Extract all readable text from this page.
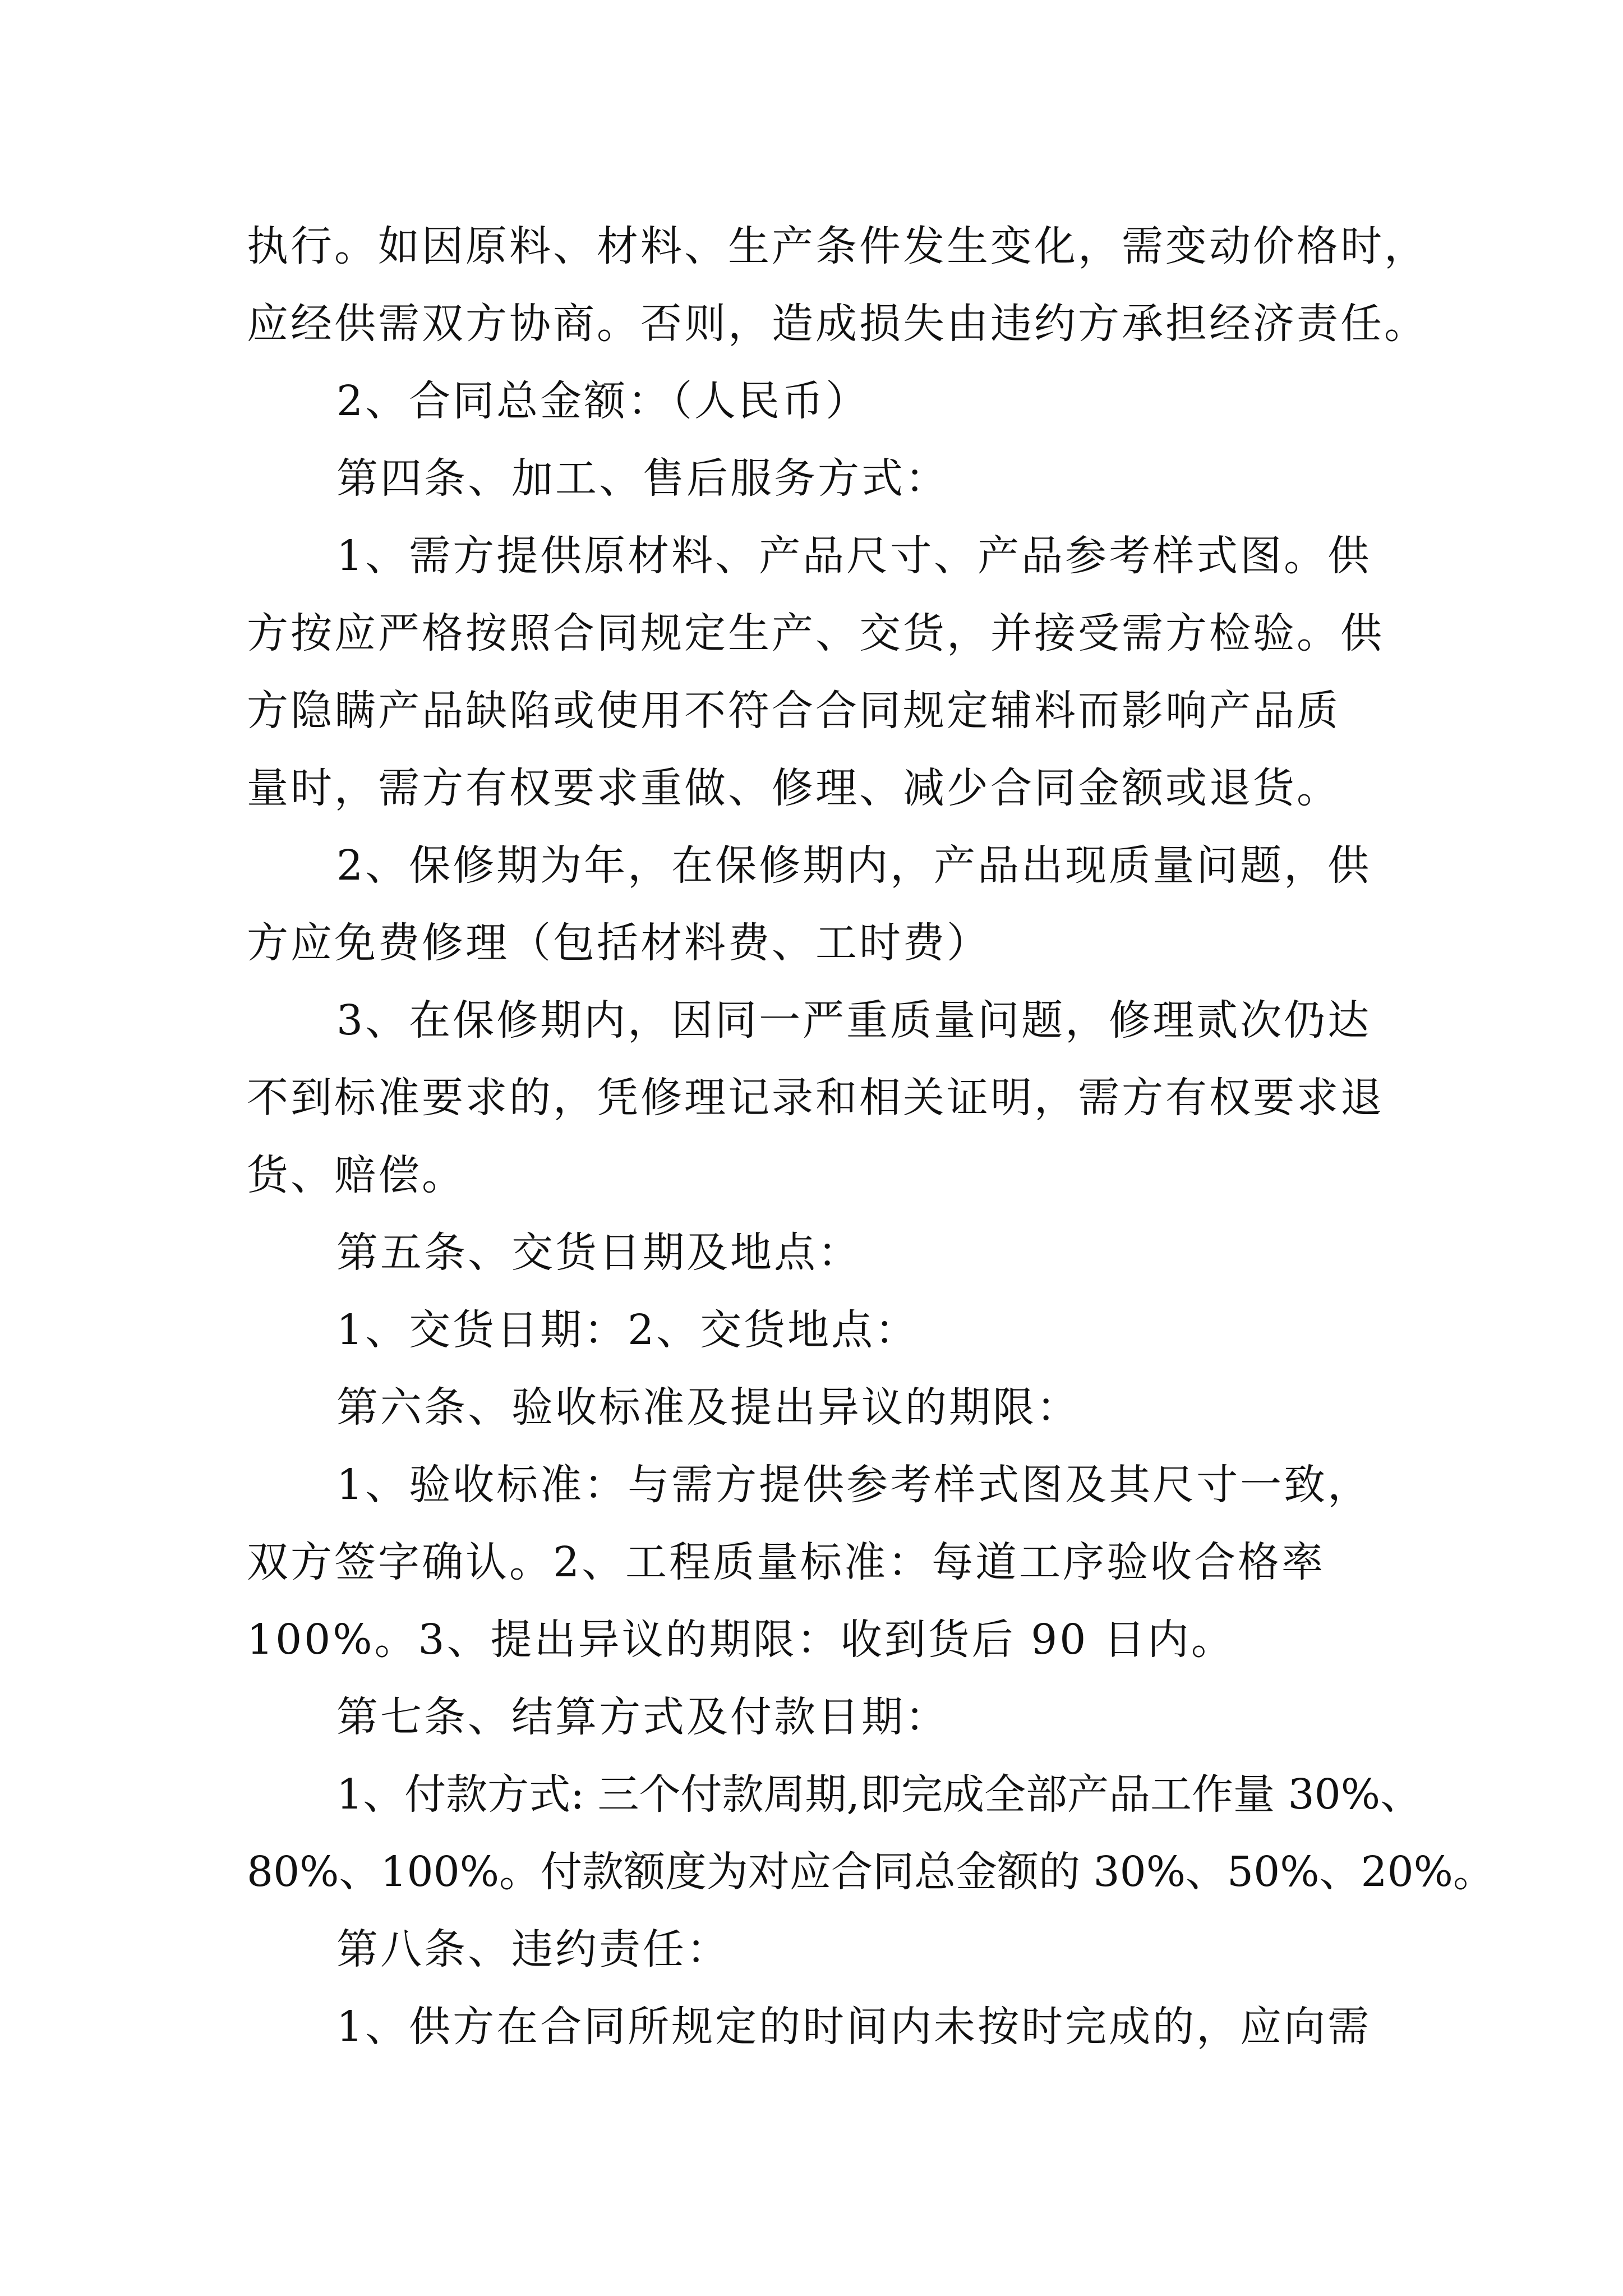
执行。如因原料、材料、生产条件发生变化，需变动价格时，

应经供需双方协商。否则，造成损失由违约方承担经济责任。

2、合同总金额：（人民币）

第四条、加工、售后服务方式：

1、需方提供原材料、产品尺寸、产品参考样式图。供

方按应严格按照合同规定生产、交货，并接受需方检验。供

方隐瞒产品缺陷或使用不符合合同规定辅料而影响产品质

量时，需方有权要求重做、修理、减少合同金额或退货。

2、保修期为年，在保修期内，产品出现质量问题，供

方应免费修理（包括材料费、工时费）

3、在保修期内，因同一严重质量问题，修理贰次仍达

不到标准要求的，凭修理记录和相关证明，需方有权要求退

货、赔偿。

第五条、交货日期及地点：

1、交货日期：2、交货地点：

第六条、验收标准及提出异议的期限：

1、验收标准：与需方提供参考样式图及其尺寸一致，

双方签字确认。2、工程质量标准：每道工序验收合格率

100%。3、提出异议的期限：收到货后 90 日内。

第七条、结算方式及付款日期：

1、付款方式: 三个付款周期,即完成全部产品工作量 30%、

80%、100%。付款额度为对应合同总金额的 30%、50%、20%。

第八条、违约责任：

1、供方在合同所规定的时间内未按时完成的，应向需
